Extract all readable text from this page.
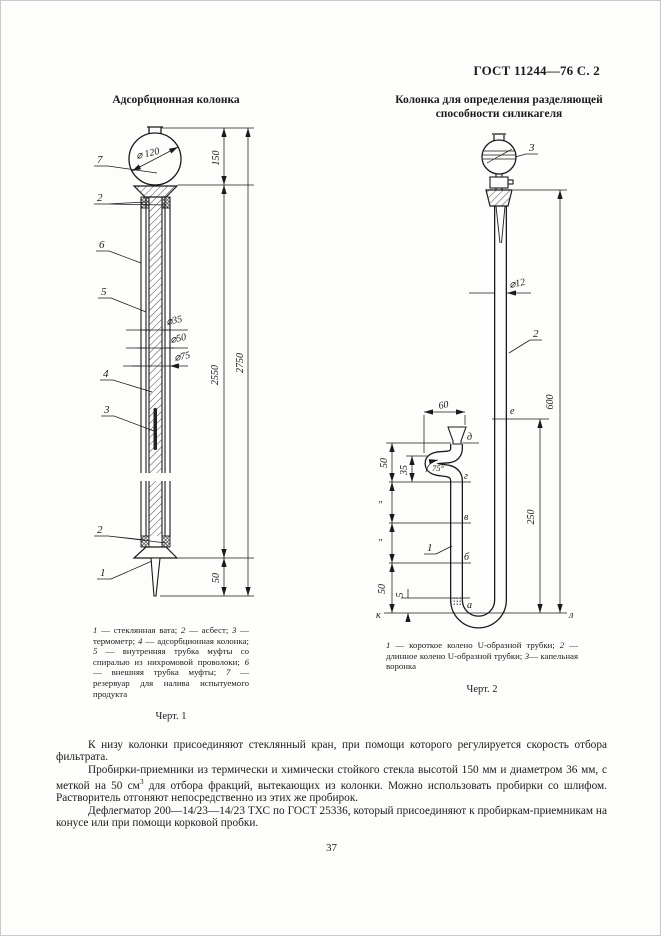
ГОСТ 11244—76 С. 2
Адсорбционная колонка	Колонка для определения разделяющей
способности силикагеля
⌀ 120	150
2550
50
2750
⌀35
⌀50
⌀75
7
2
6
5
4
3
2
1
600
250
50
35
50
5
60
⌀12
75°
″
″
д
г
в
б
а
е
к	л
3
2
1
1 — стеклянная вата; 2 — асбест; 3 — термометр; 4 — адсорбционная колонка; 5 — внутренняя трубка муфты со спиралью из нихромовой проволоки; 6 — внешняя трубка муфты; 7 — резервуар для налива испытуемого продукта
1 — короткое колено U-образной трубки; 2 — длинное колено U-образной трубки; 3— капельная воронка
Черт. 1
Черт. 2

К низу колонки присоединяют стеклянный кран, при помощи которого регулируется скорость отбора фильтрата.

Пробирки-приемники из термически и химически стойкого стекла высотой 150 мм и диаметром 36 мм, с меткой на 50 $см^3$ для отбора фракций, вытекающих из колонки. Можно использовать пробирки со шлифом. Растворитель отгоняют непосредственно из этих же пробирок.

Дефлегматор 200—14/23—14/23 ТХС по ГОСТ 25336, который присоединяют к пробиркам-приемникам на конусе или при помощи корковой пробки.

37
